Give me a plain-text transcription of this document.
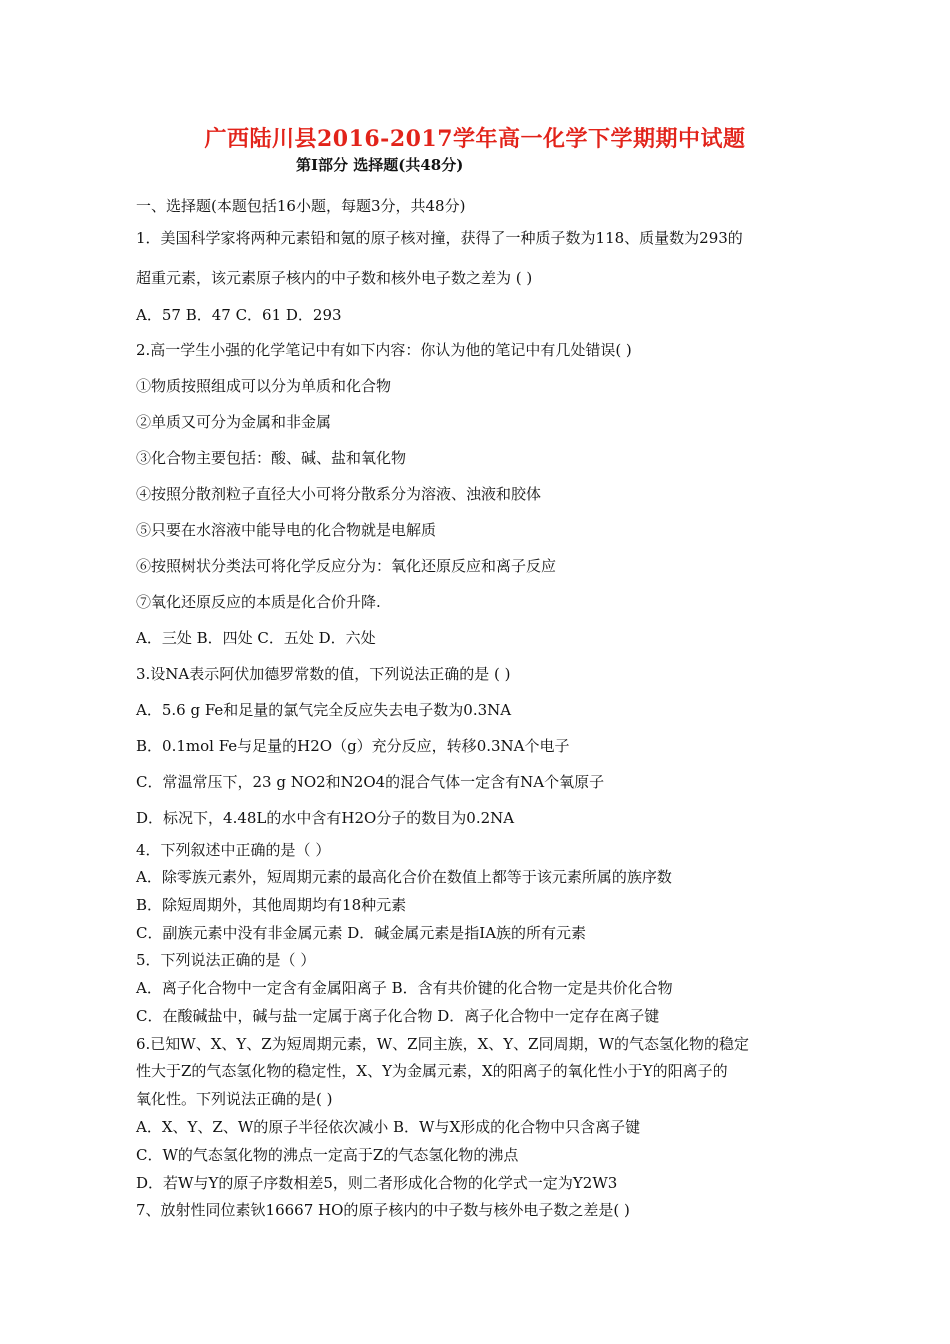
广西陆川县2016-2017学年高一化学下学期期中试题
第Ⅰ部分 选择题(共48分)
一、选择题(本题包括16小题，每题3分，共48分)
1．美国科学家将两种元素铅和氪的原子核对撞，获得了一种质子数为118、质量数为293的
超重元素，该元素原子核内的中子数和核外电子数之差为 ( )
A．57 B．47 C．61 D．293
2.高一学生小强的化学笔记中有如下内容：你认为他的笔记中有几处错误( )
①物质按照组成可以分为单质和化合物
②单质又可分为金属和非金属
③化合物主要包括：酸、碱、盐和氧化物
④按照分散剂粒子直径大小可将分散系分为溶液、浊液和胶体
⑤只要在水溶液中能导电的化合物就是电解质
⑥按照树状分类法可将化学反应分为：氧化还原反应和离子反应
⑦氧化还原反应的本质是化合价升降.
A．三处 B．四处 C．五处 D．六处
3.设NA表示阿伏加德罗常数的值，下列说法正确的是 ( )
A．5.6 g Fe和足量的氯气完全反应失去电子数为0.3NA
B．0.1mol Fe与足量的H2O（g）充分反应，转移0.3NA个电子
C．常温常压下，23 g NO2和N2O4的混合气体一定含有NA个氧原子
D．标况下，4.48L的水中含有H2O分子的数目为0.2NA
4．下列叙述中正确的是（ ）
A．除零族元素外，短周期元素的最高化合价在数值上都等于该元素所属的族序数
B．除短周期外，其他周期均有18种元素
C．副族元素中没有非金属元素 D．碱金属元素是指ⅠA族的所有元素
5．下列说法正确的是（ ）
A．离子化合物中一定含有金属阳离子 B．含有共价键的化合物一定是共价化合物
C．在酸碱盐中，碱与盐一定属于离子化合物 D．离子化合物中一定存在离子键
6.已知W、X、Y、Z为短周期元素，W、Z同主族，X、Y、Z同周期，W的气态氢化物的稳定
性大于Z的气态氢化物的稳定性，X、Y为金属元素，X的阳离子的氧化性小于Y的阳离子的
氧化性。下列说法正确的是( )
A．X、Y、Z、W的原子半径依次减小 B．W与X形成的化合物中只含离子键
C．W的气态氢化物的沸点一定高于Z的气态氢化物的沸点
D．若W与Y的原子序数相差5，则二者形成化合物的化学式一定为Y2W3
7、放射性同位素钬16667 HO的原子核内的中子数与核外电子数之差是( )
